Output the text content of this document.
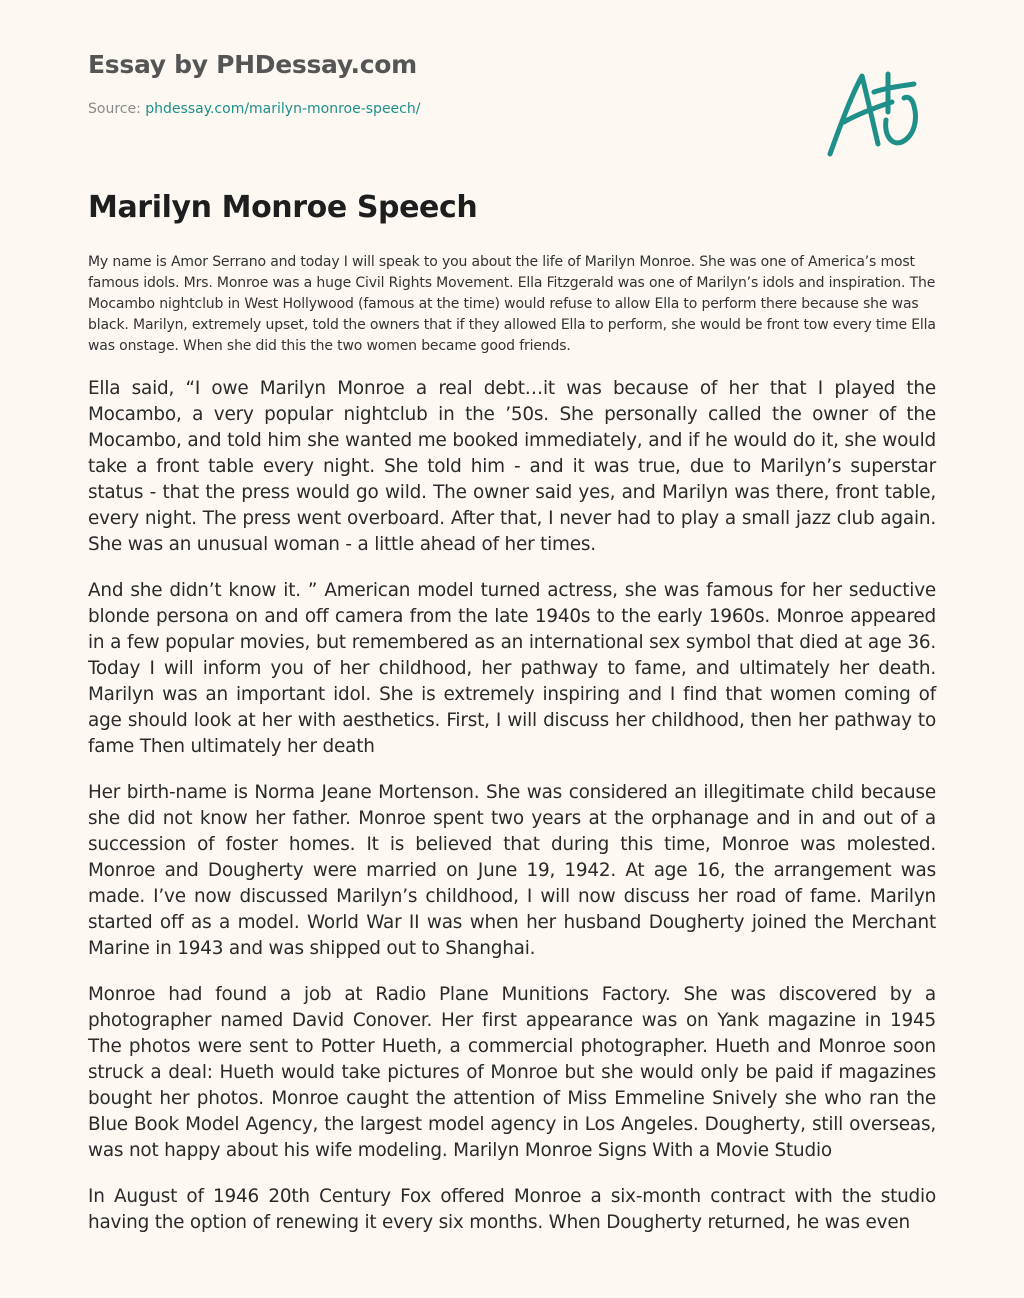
Essay by PHDessay.com
Source: phdessay.com/marilyn-monroe-speech/
Marilyn Monroe Speech

My name is Amor Serrano and today I will speak to you about the life of Marilyn Monroe. She was one of America’s most famous idols. Mrs. Monroe was a huge Civil Rights Movement. Ella Fitzgerald was one of Marilyn’s idols and inspiration. The Mocambo nightclub in West Hollywood (famous at the time) would refuse to allow Ella to perform there because she was black. Marilyn, extremely upset, told the owners that if they allowed Ella to perform, she would be front tow every time Ella was onstage. When she did this the two women became good friends.

Ella said, “I owe Marilyn Monroe a real debt…it was because of her that I played the Mocambo, a very popular nightclub in the ’50s. She personally called the owner of the Mocambo, and told him she wanted me booked immediately, and if he would do it, she would take a front table every night. She told him - and it was true, due to Marilyn’s superstar status - that the press would go wild. The owner said yes, and Marilyn was there, front table, every night. The press went overboard. After that, I never had to play a small jazz club again. She was an unusual woman - a little ahead of her times.

And she didn’t know it. ” American model turned actress, she was famous for her seductive blonde persona on and off camera from the late 1940s to the early 1960s. Monroe appeared in a few popular movies, but remembered as an international sex symbol that died at age 36. Today I will inform you of her childhood, her pathway to fame, and ultimately her death. Marilyn was an important idol. She is extremely inspiring and I find that women coming of age should look at her with aesthetics. First, I will discuss her childhood, then her pathway to fame Then ultimately her death

Her birth-name is Norma Jeane Mortenson. She was considered an illegitimate child because she did not know her father. Monroe spent two years at the orphanage and in and out of a succession of foster homes. It is believed that during this time, Monroe was molested. Monroe and Dougherty were married on June 19, 1942. At age 16, the arrangement was made. I’ve now discussed Marilyn’s childhood, I will now discuss her road of fame. Marilyn started off as a model. World War II was when her husband Dougherty joined the Merchant Marine in 1943 and was shipped out to Shanghai.

Monroe had found a job at Radio Plane Munitions Factory. She was discovered by a photographer named David Conover. Her first appearance was on Yank magazine in 1945 The photos were sent to Potter Hueth, a commercial photographer. Hueth and Monroe soon struck a deal: Hueth would take pictures of Monroe but she would only be paid if magazines bought her photos. Monroe caught the attention of Miss Emmeline Snively she who ran the Blue Book Model Agency, the largest model agency in Los Angeles. Dougherty, still overseas, was not happy about his wife modeling. Marilyn Monroe Signs With a Movie Studio

In August of 1946 20th Century Fox offered Monroe a six-month contract with the studio having the option of renewing it every six months. When Dougherty returned, he was even
